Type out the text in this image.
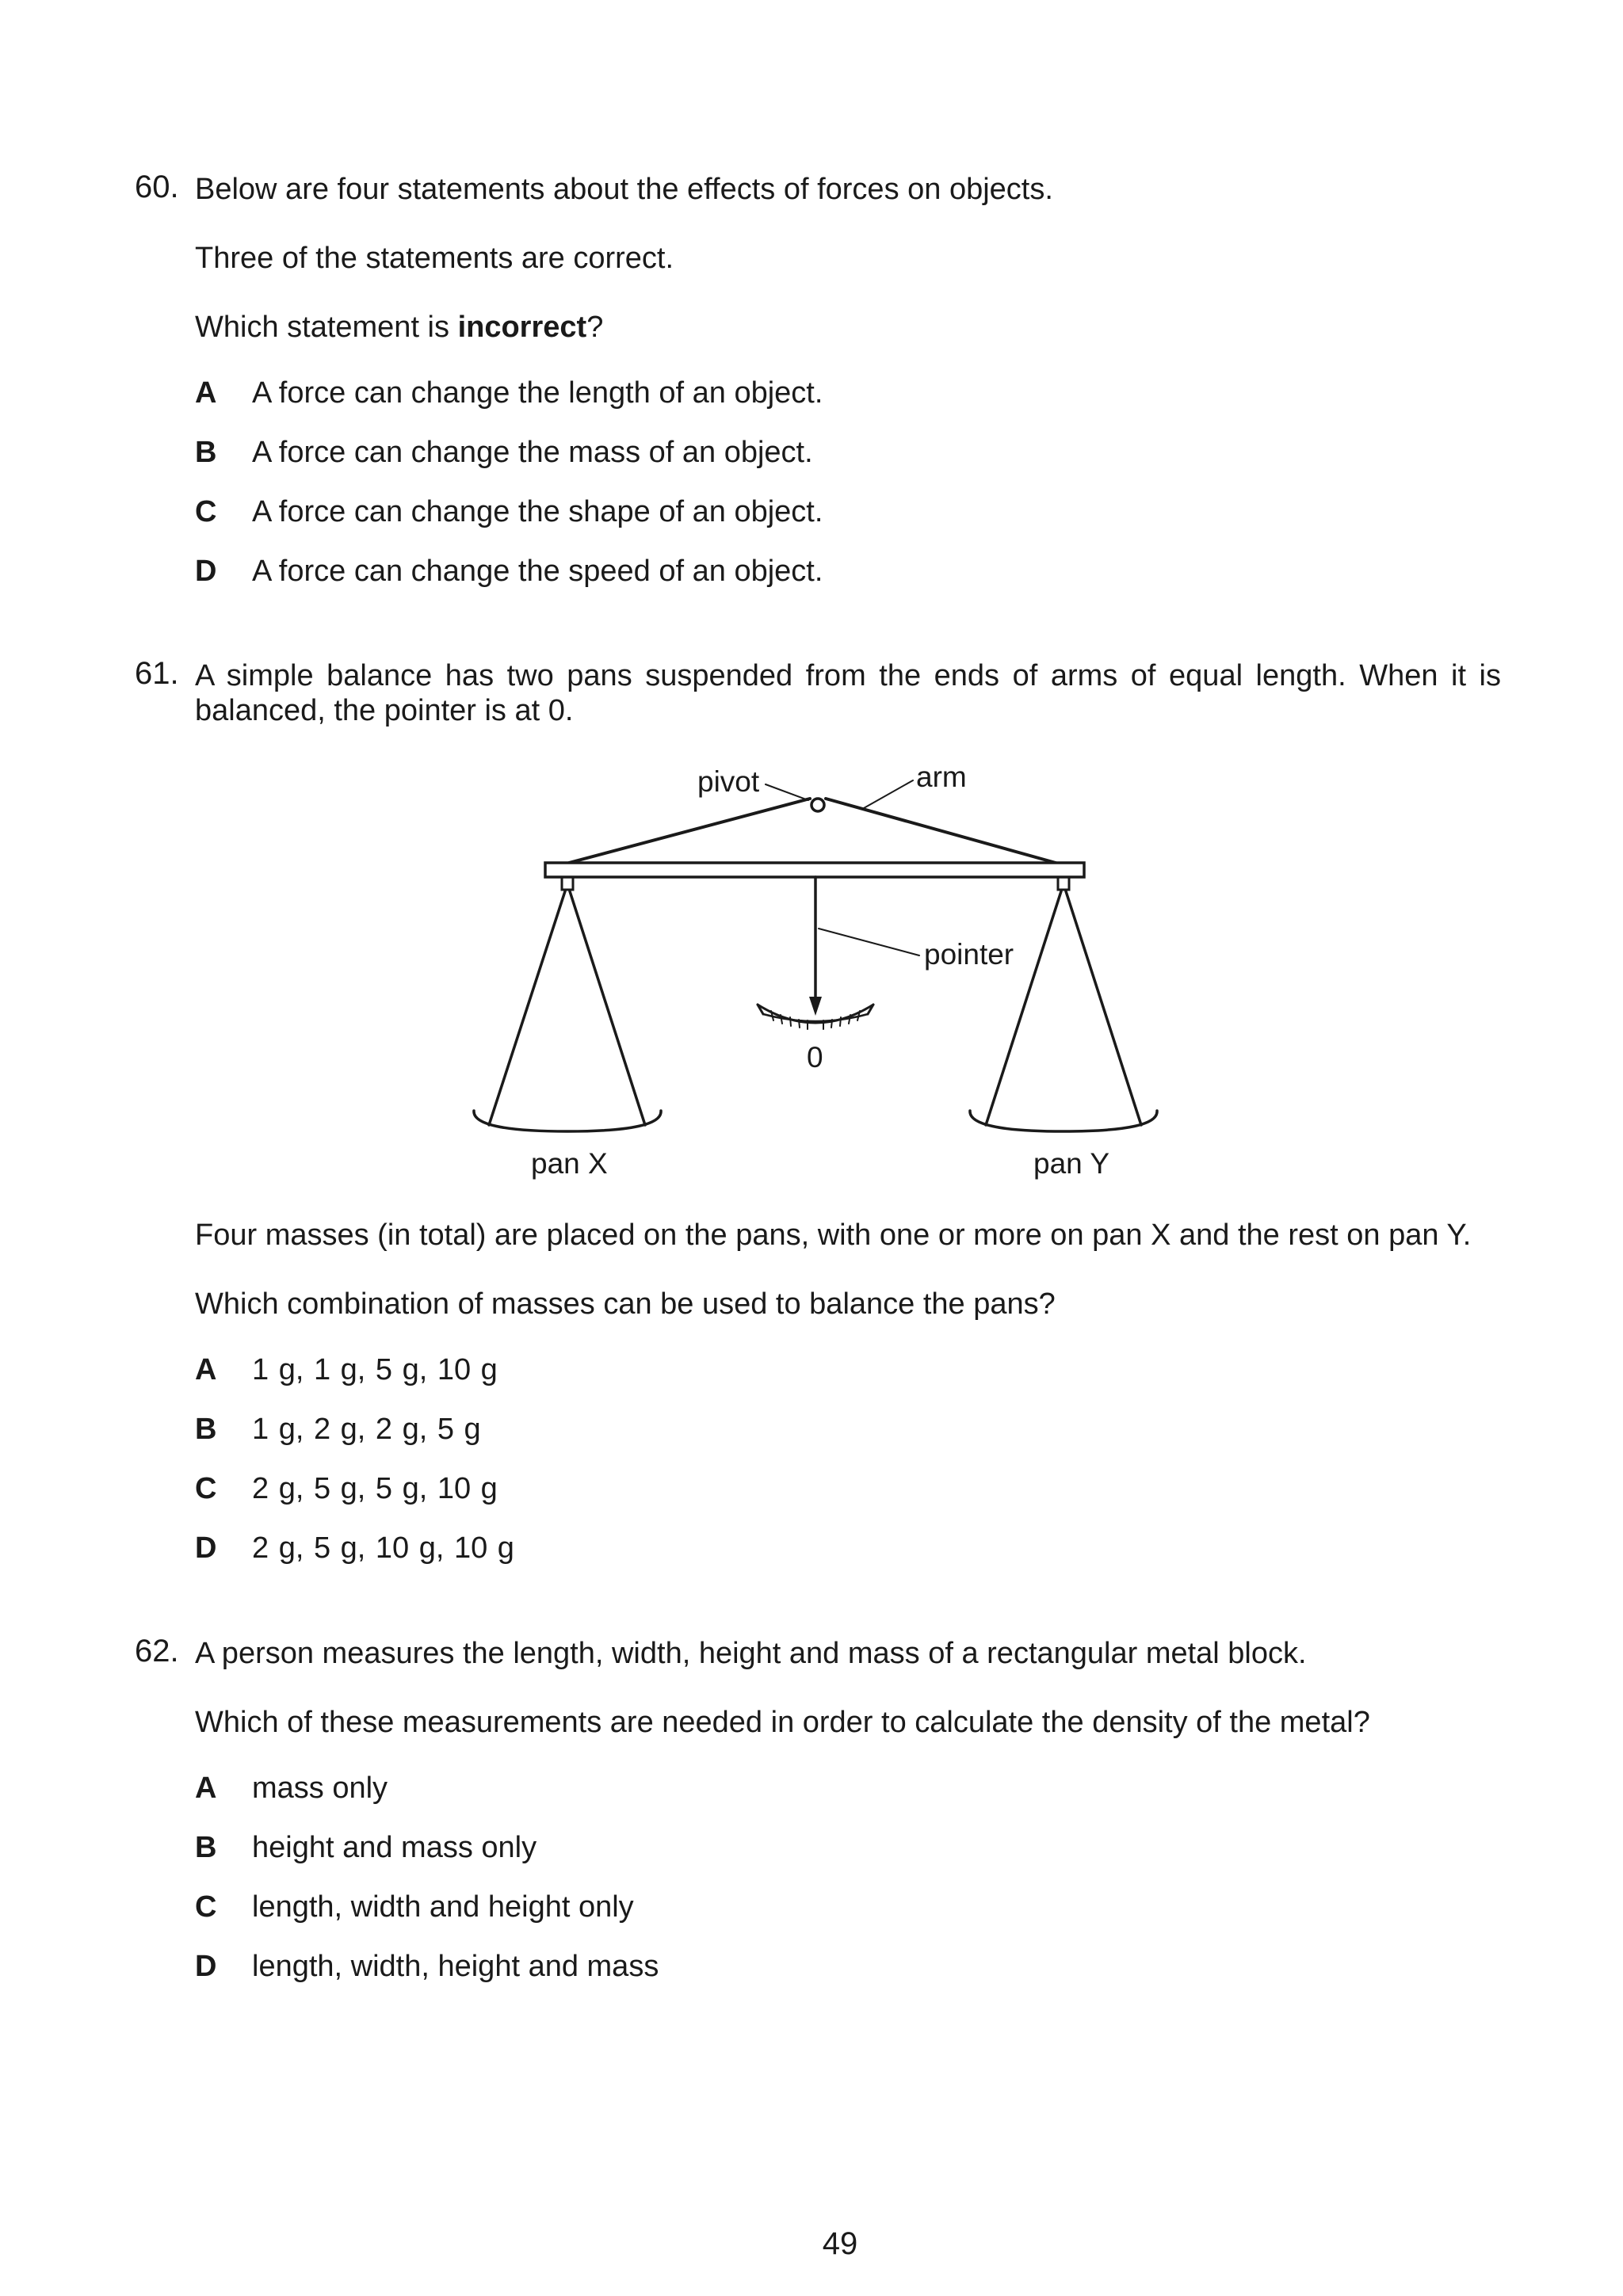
60. Below are four statements about the effects of forces on objects.
Three of the statements are correct.
Which statement is incorrect?
A A force can change the length of an object.
B A force can change the mass of an object.
C A force can change the shape of an object.
D A force can change the speed of an object.
61. A simple balance has two pans suspended from the ends of arms of equal length. When it is balanced, the pointer is at 0.
pivot	arm
pointer
0
pan X	pan Y
Four masses (in total) are placed on the pans, with one or more on pan X and the rest on pan Y.
Which combination of masses can be used to balance the pans?
A 1 g, 1 g, 5 g, 10 g
B 1 g, 2 g, 2 g, 5 g
C 2 g, 5 g, 5 g, 10 g
D 2 g, 5 g, 10 g, 10 g
62. A person measures the length, width, height and mass of a rectangular metal block.
Which of these measurements are needed in order to calculate the density of the metal?
A mass only
B height and mass only
C length, width and height only
D length, width, height and mass
49
